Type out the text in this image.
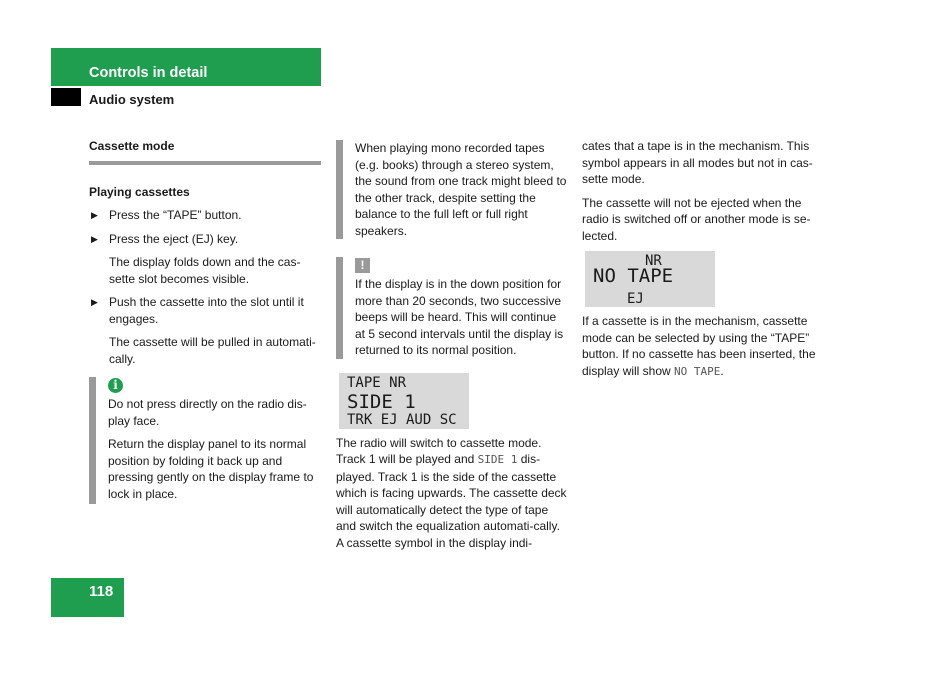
Controls in detail
Audio system
Cassette mode
Playing cassettes
▶ Press the “TAPE” button.
▶ Press the eject (EJ) key.

The display folds down and the cas-sette slot becomes visible.

▶ Push the cassette into the slot until it engages.

The cassette will be pulled in automati-cally.

i

Do not press directly on the radio dis-play face.

Return the display panel to its normal position by folding it back up and pressing gently on the display frame to lock in place.

When playing mono recorded tapes (e.g. books) through a stereo system, the sound from one track might bleed to the other track, despite setting the balance to the full left or full right speakers.

!

If the display is in the down position for more than 20 seconds, two successive beeps will be heard. This will continue at 5 second intervals until the display is returned to its normal position.

TAPE NR
SIDE 1
TRK EJ AUD SC

The radio will switch to cassette mode. Track 1 will be played and SIDE 1 dis-played. Track 1 is the side of the cassette which is facing upwards. The cassette deck will automatically detect the type of tape and switch the equalization automati-cally. A cassette symbol in the display indi-

cates that a tape is in the mechanism. This symbol appears in all modes but not in cas-sette mode.

The cassette will not be ejected when the radio is switched off or another mode is se-lected.

NR
NO TAPE
EJ

If a cassette is in the mechanism, cassette mode can be selected by using the “TAPE” button. If no cassette has been inserted, the display will show NO TAPE.

118
